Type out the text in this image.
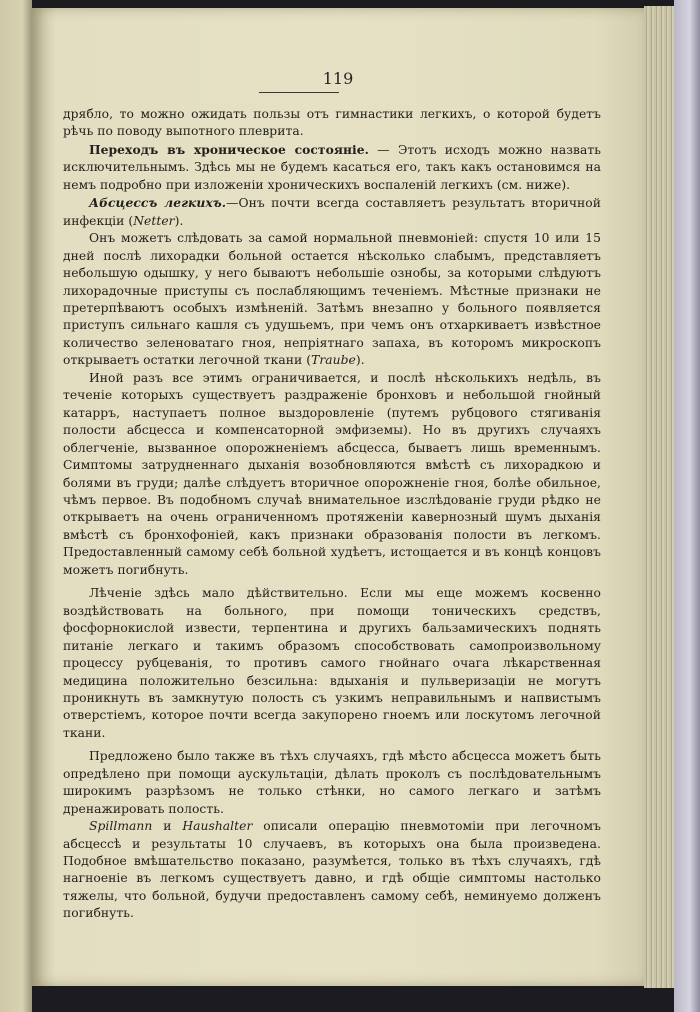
119

дрябло, то можно ожидать пользы отъ гимнастики легкихъ, о которой будетъ рѣчь по поводу выпотного плеврита.

Переходъ въ хроническое состояніе. — Этотъ исходъ можно назвать исключительнымъ. Здѣсь мы не будемъ касаться его, такъ какъ остановимся на немъ подробно при изложеніи хроническихъ воспаленій легкихъ (см. ниже).

Абсцессъ легкихъ.—Онъ почти всегда составляетъ результатъ вторичной инфекціи (Netter).

Онъ можетъ слѣдовать за самой нормальной пневмоніей: спустя 10 или 15 дней послѣ лихорадки больной остается нѣсколько слабымъ, представляетъ небольшую одышку, у него бываютъ небольшіе ознобы, за которыми слѣдуютъ лихорадочные приступы съ послабляющимъ теченіемъ. Мѣстные признаки не претерпѣваютъ особыхъ измѣненій. Затѣмъ внезапно у больного появляется приступъ сильнаго кашля съ удушьемъ, при чемъ онъ отхаркиваетъ извѣстное количество зеленоватаго гноя, непріятнаго запаха, въ которомъ микроскопъ открываетъ остатки легочной ткани (Traube).

Иной разъ все этимъ ограничивается, и послѣ нѣсколькихъ недѣль, въ теченіе которыхъ существуетъ раздраженіе бронховъ и небольшой гнойный катарръ, наступаетъ полное выздоровленіе (путемъ рубцового стягиванія полости абсцесса и компенсаторной эмфиземы). Но въ другихъ случаяхъ облегченіе, вызванное опорожненіемъ абсцесса, бываетъ лишь временнымъ. Симптомы затрудненнаго дыханія возобновляются вмѣстѣ съ лихорадкою и болями въ груди; далѣе слѣдуетъ вторичное опорожненіе гноя, болѣе обильное, чѣмъ первое. Въ подобномъ случаѣ внимательное изслѣдованіе груди рѣдко не открываетъ на очень ограниченномъ протяженіи кавернозный шумъ дыханія вмѣстѣ съ бронхофоніей, какъ признаки образованія полости въ легкомъ. Предоставленный самому себѣ больной худѣетъ, истощается и въ концѣ концовъ можетъ погибнуть.

Лѣченіе здѣсь мало дѣйствительно. Если мы еще можемъ косвенно воздѣйствовать на больного, при помощи тоническихъ средствъ, фосфорнокислой извести, терпентина и другихъ бальзамическихъ поднять питаніе легкаго и такимъ образомъ способствовать самопроизвольному процессу рубцеванія, то противъ самого гнойнаго очага лѣкарственная медицина положительно безсильна: вдыханія и пульверизаціи не могутъ проникнуть въ замкнутую полость съ узкимъ неправильнымъ и напвистымъ отверстіемъ, которое почти всегда закупорено гноемъ или лоскутомъ легочной ткани.

Предложено было также въ тѣхъ случаяхъ, гдѣ мѣсто абсцесса можетъ быть опредѣлено при помощи аускультаціи, дѣлать проколъ съ послѣдовательнымъ широкимъ разрѣзомъ не только стѣнки, но самого легкаго и затѣмъ дренажировать полость.

Spillmann и Haushalter описали операцію пневмотоміи при легочномъ абсцессѣ и результаты 10 случаевъ, въ которыхъ она была произведена. Подобное вмѣшательство показано, разумѣется, только въ тѣхъ случаяхъ, гдѣ нагноеніе въ легкомъ существуетъ давно, и гдѣ общіе симптомы настолько тяжелы, что больной, будучи предоставленъ самому себѣ, неминуемо долженъ погибнуть.
